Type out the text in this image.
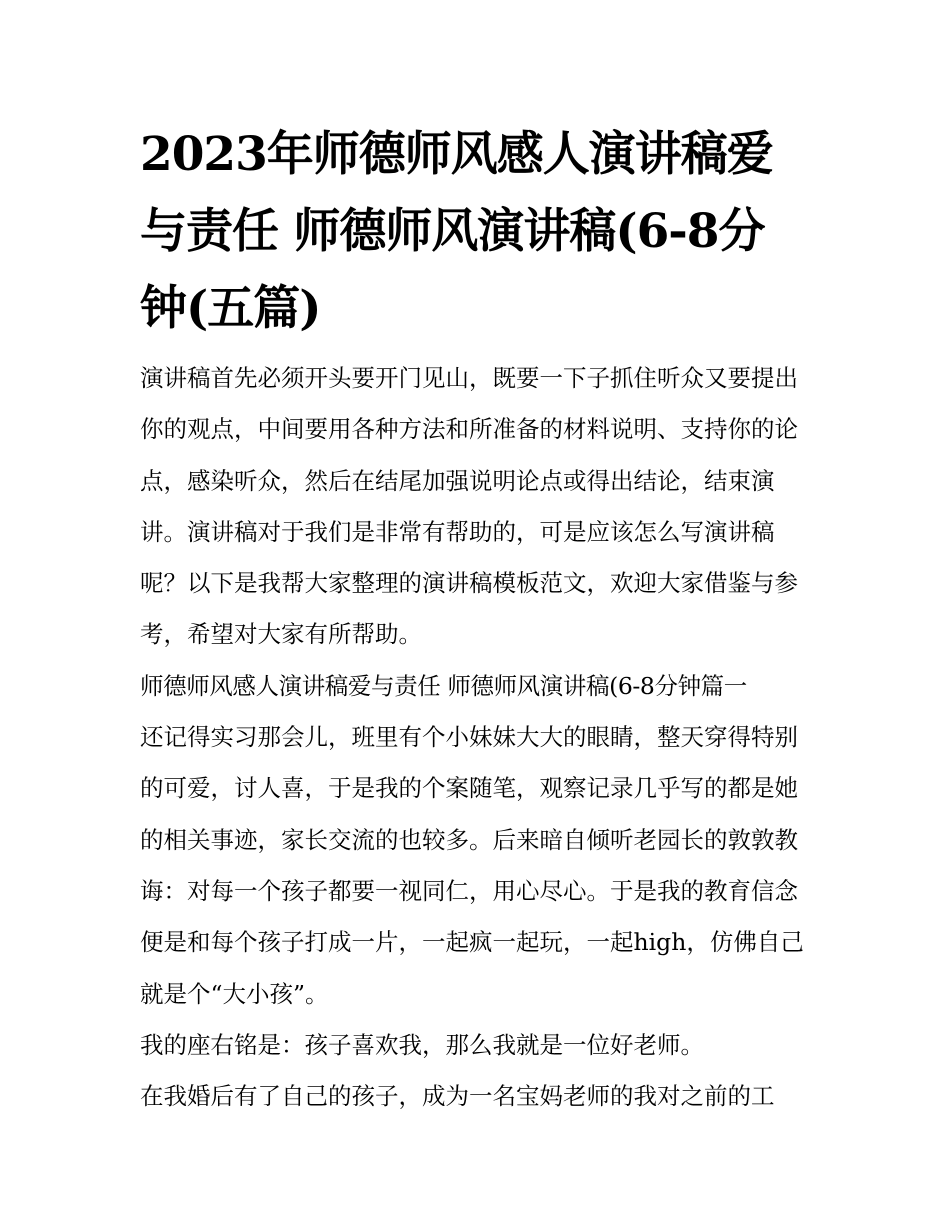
2023年师德师风感人演讲稿爱与责任 师德师风演讲稿(6-8分钟(五篇)

演讲稿首先必须开头要开门见山，既要一下子抓住听众又要提出你的观点，中间要用各种方法和所准备的材料说明、支持你的论点，感染听众，然后在结尾加强说明论点或得出结论，结束演讲。演讲稿对于我们是非常有帮助的，可是应该怎么写演讲稿呢？以下是我帮大家整理的演讲稿模板范文，欢迎大家借鉴与参考，希望对大家有所帮助。

师德师风感人演讲稿爱与责任 师德师风演讲稿(6-8分钟篇一

还记得实习那会儿，班里有个小妹妹大大的眼睛，整天穿得特别的可爱，讨人喜，于是我的个案随笔，观察记录几乎写的都是她的相关事迹，家长交流的也较多。后来暗自倾听老园长的敦敦教诲：对每一个孩子都要一视同仁，用心尽心。于是我的教育信念便是和每个孩子打成一片，一起疯一起玩，一起high，仿佛自己就是个“大小孩”。

我的座右铭是：孩子喜欢我，那么我就是一位好老师。

在我婚后有了自己的孩子，成为一名宝妈老师的我对之前的工
